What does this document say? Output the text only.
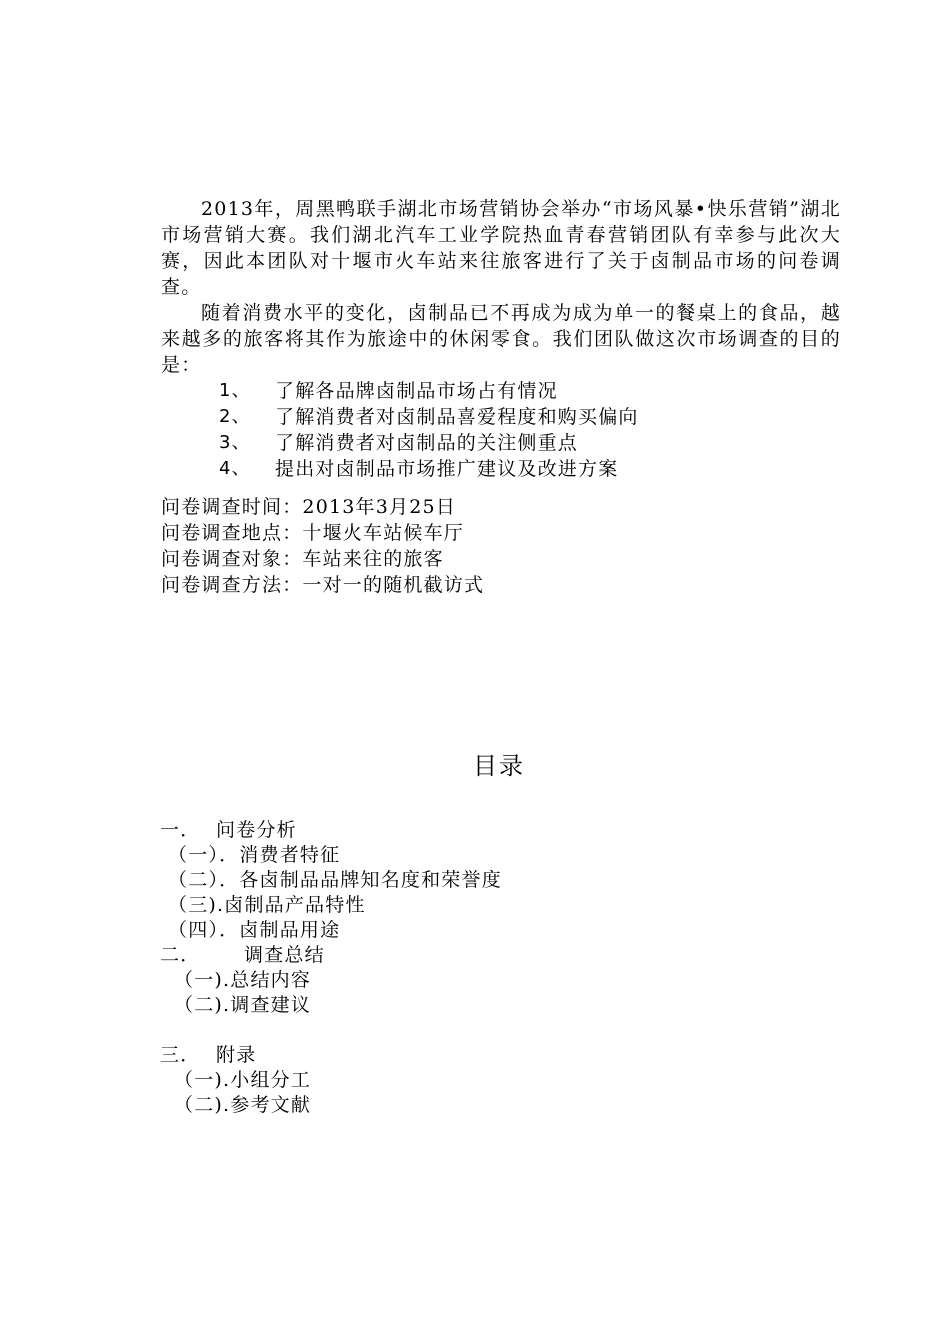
2013年，周黑鸭联手湖北市场营销协会举办“市场风暴•快乐营销”湖北市场营销大赛。我们湖北汽车工业学院热血青春营销团队有幸参与此次大赛，因此本团队对十堰市火车站来往旅客进行了关于卤制品市场的问卷调查。

随着消费水平的变化，卤制品已不再成为成为单一的餐桌上的食品，越来越多的旅客将其作为旅途中的休闲零食。我们团队做这次市场调查的目的是：

1、 了解各品牌卤制品市场占有情况
2、 了解消费者对卤制品喜爱程度和购买偏向
3、 了解消费者对卤制品的关注侧重点
4、 提出对卤制品市场推广建议及改进方案
问卷调查时间：2013年3月25日
问卷调查地点：十堰火车站候车厅
问卷调查对象：车站来往的旅客
问卷调查方法：一对一的随机截访式
目录
一． 问卷分析
（一）．消费者特征
（二）．各卤制品品牌知名度和荣誉度
（三).卤制品产品特性
（四）．卤制品用途
二． 调查总结
（一).总结内容
（二).调查建议
三． 附录
（一).小组分工
（二).参考文献
